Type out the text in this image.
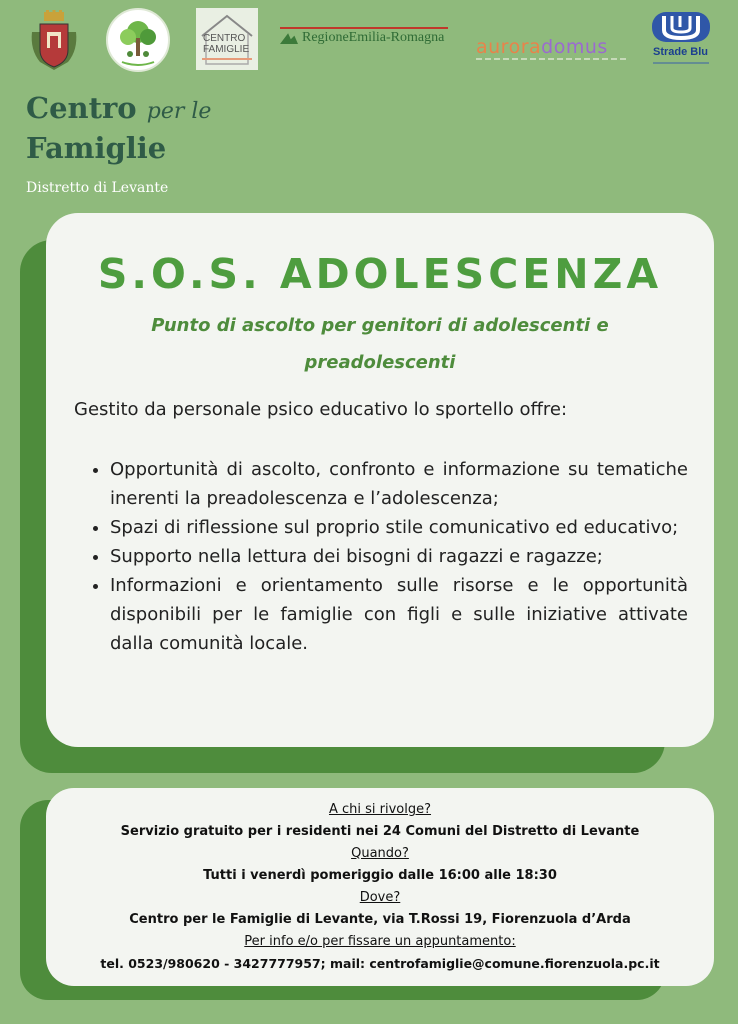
CENTRO
FAMIGLIE
RegioneEmilia-Romagna auroradomus	Strade Blu
Centro per le
Famiglie
Distretto di Levante
S.O.S. ADOLESCENZA
Punto di ascolto per genitori di adolescenti e preadolescenti
Gestito da personale psico educativo lo sportello offre:
• Opportunità di ascolto, confronto e informazione su tematiche inerenti la preadolescenza e l’adolescenza;
• Spazi di riflessione sul proprio stile comunicativo ed educativo;
• Supporto nella lettura dei bisogni di ragazzi e ragazze;
• Informazioni e orientamento sulle risorse e le opportunità disponibili per le famiglie con figli e sulle iniziative attivate dalla comunità locale.
A chi si rivolge?
Servizio gratuito per i residenti nei 24 Comuni del Distretto di Levante
Quando?
Tutti i venerdì pomeriggio dalle 16:00 alle 18:30
Dove?
Centro per le Famiglie di Levante, via T.Rossi 19, Fiorenzuola d’Arda
Per info e/o per fissare un appuntamento:
tel. 0523/980620 - 3427777957; mail: centrofamiglie@comune.fiorenzuola.pc.it
